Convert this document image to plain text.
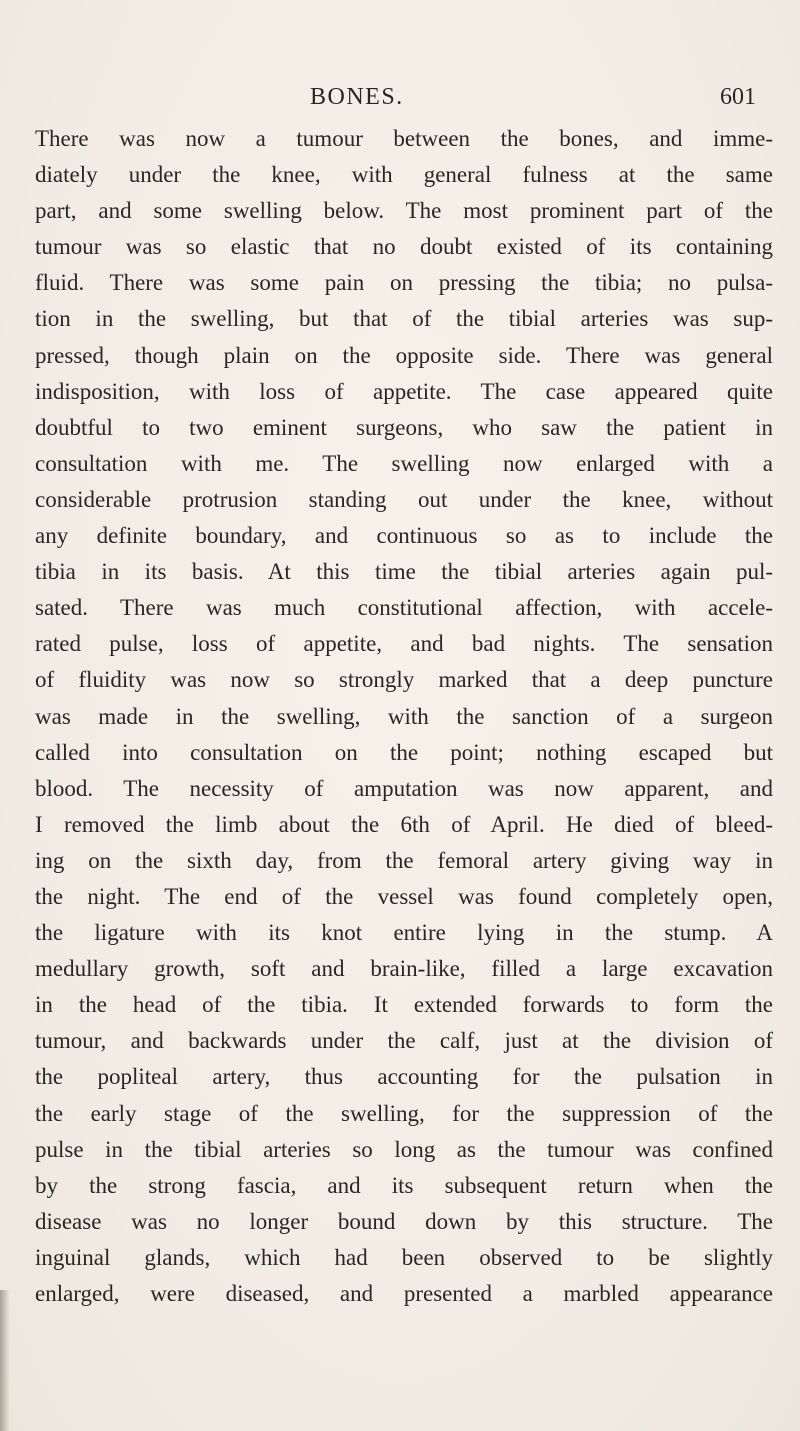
BONES.	601
There was now a tumour between the bones, and imme-
diately under the knee, with general fulness at the same
part, and some swelling below. The most prominent part of the
tumour was so elastic that no doubt existed of its containing
fluid. There was some pain on pressing the tibia; no pulsa-
tion in the swelling, but that of the tibial arteries was sup-
pressed, though plain on the opposite side. There was general
indisposition, with loss of appetite. The case appeared quite
doubtful to two eminent surgeons, who saw the patient in
consultation with me. The swelling now enlarged with a
considerable protrusion standing out under the knee, without
any definite boundary, and continuous so as to include the
tibia in its basis. At this time the tibial arteries again pul-
sated. There was much constitutional affection, with accele-
rated pulse, loss of appetite, and bad nights. The sensation
of fluidity was now so strongly marked that a deep puncture
was made in the swelling, with the sanction of a surgeon
called into consultation on the point; nothing escaped but
blood. The necessity of amputation was now apparent, and
I removed the limb about the 6th of April. He died of bleed-
ing on the sixth day, from the femoral artery giving way in
the night. The end of the vessel was found completely open,
the ligature with its knot entire lying in the stump. A
medullary growth, soft and brain-like, filled a large excavation
in the head of the tibia. It extended forwards to form the
tumour, and backwards under the calf, just at the division of
the popliteal artery, thus accounting for the pulsation in
the early stage of the swelling, for the suppression of the
pulse in the tibial arteries so long as the tumour was confined
by the strong fascia, and its subsequent return when the
disease was no longer bound down by this structure. The
inguinal glands, which had been observed to be slightly
enlarged, were diseased, and presented a marbled appearance
